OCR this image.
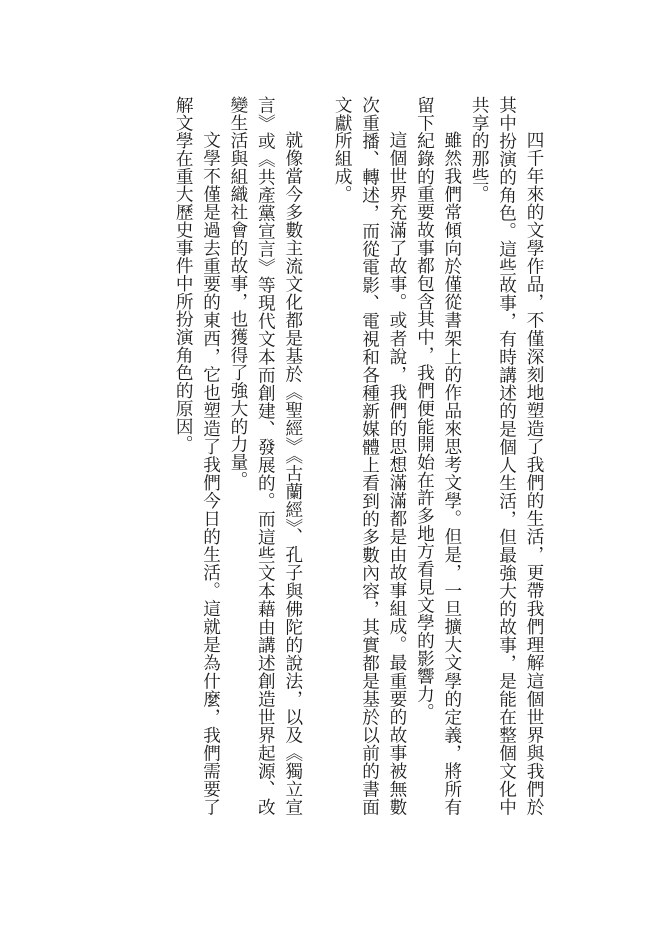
四千年來的文學作品，不僅深刻地塑造了我們的生活，更帶我們理解這個世界與我們於其中扮演的角色。這些故事，有時講述的是個人生活，但最強大的故事，是能在整個文化中共享的那些。

雖然我們常傾向於僅從書架上的作品來思考文學。但是，一旦擴大文學的定義，將所有留下紀錄的重要故事都包含其中，我們便能開始在許多地方看見文學的影響力。

這個世界充滿了故事。或者說，我們的思想滿滿都是由故事組成。最重要的故事被無數次重播、轉述，而從電影、電視和各種新媒體上看到的多數內容，其實都是基於以前的書面文獻所組成。

就像當今多數主流文化都是基於《聖經》《古蘭經》、孔子與佛陀的說法，以及《獨立宣言》或《共產黨宣言》等現代文本而創建、發展的。而這些文本藉由講述創造世界起源、改變生活與組織社會的故事，也獲得了強大的力量。

文學不僅是過去重要的東西，它也塑造了我們今日的生活。這就是為什麼，我們需要了解文學在重大歷史事件中所扮演角色的原因。
